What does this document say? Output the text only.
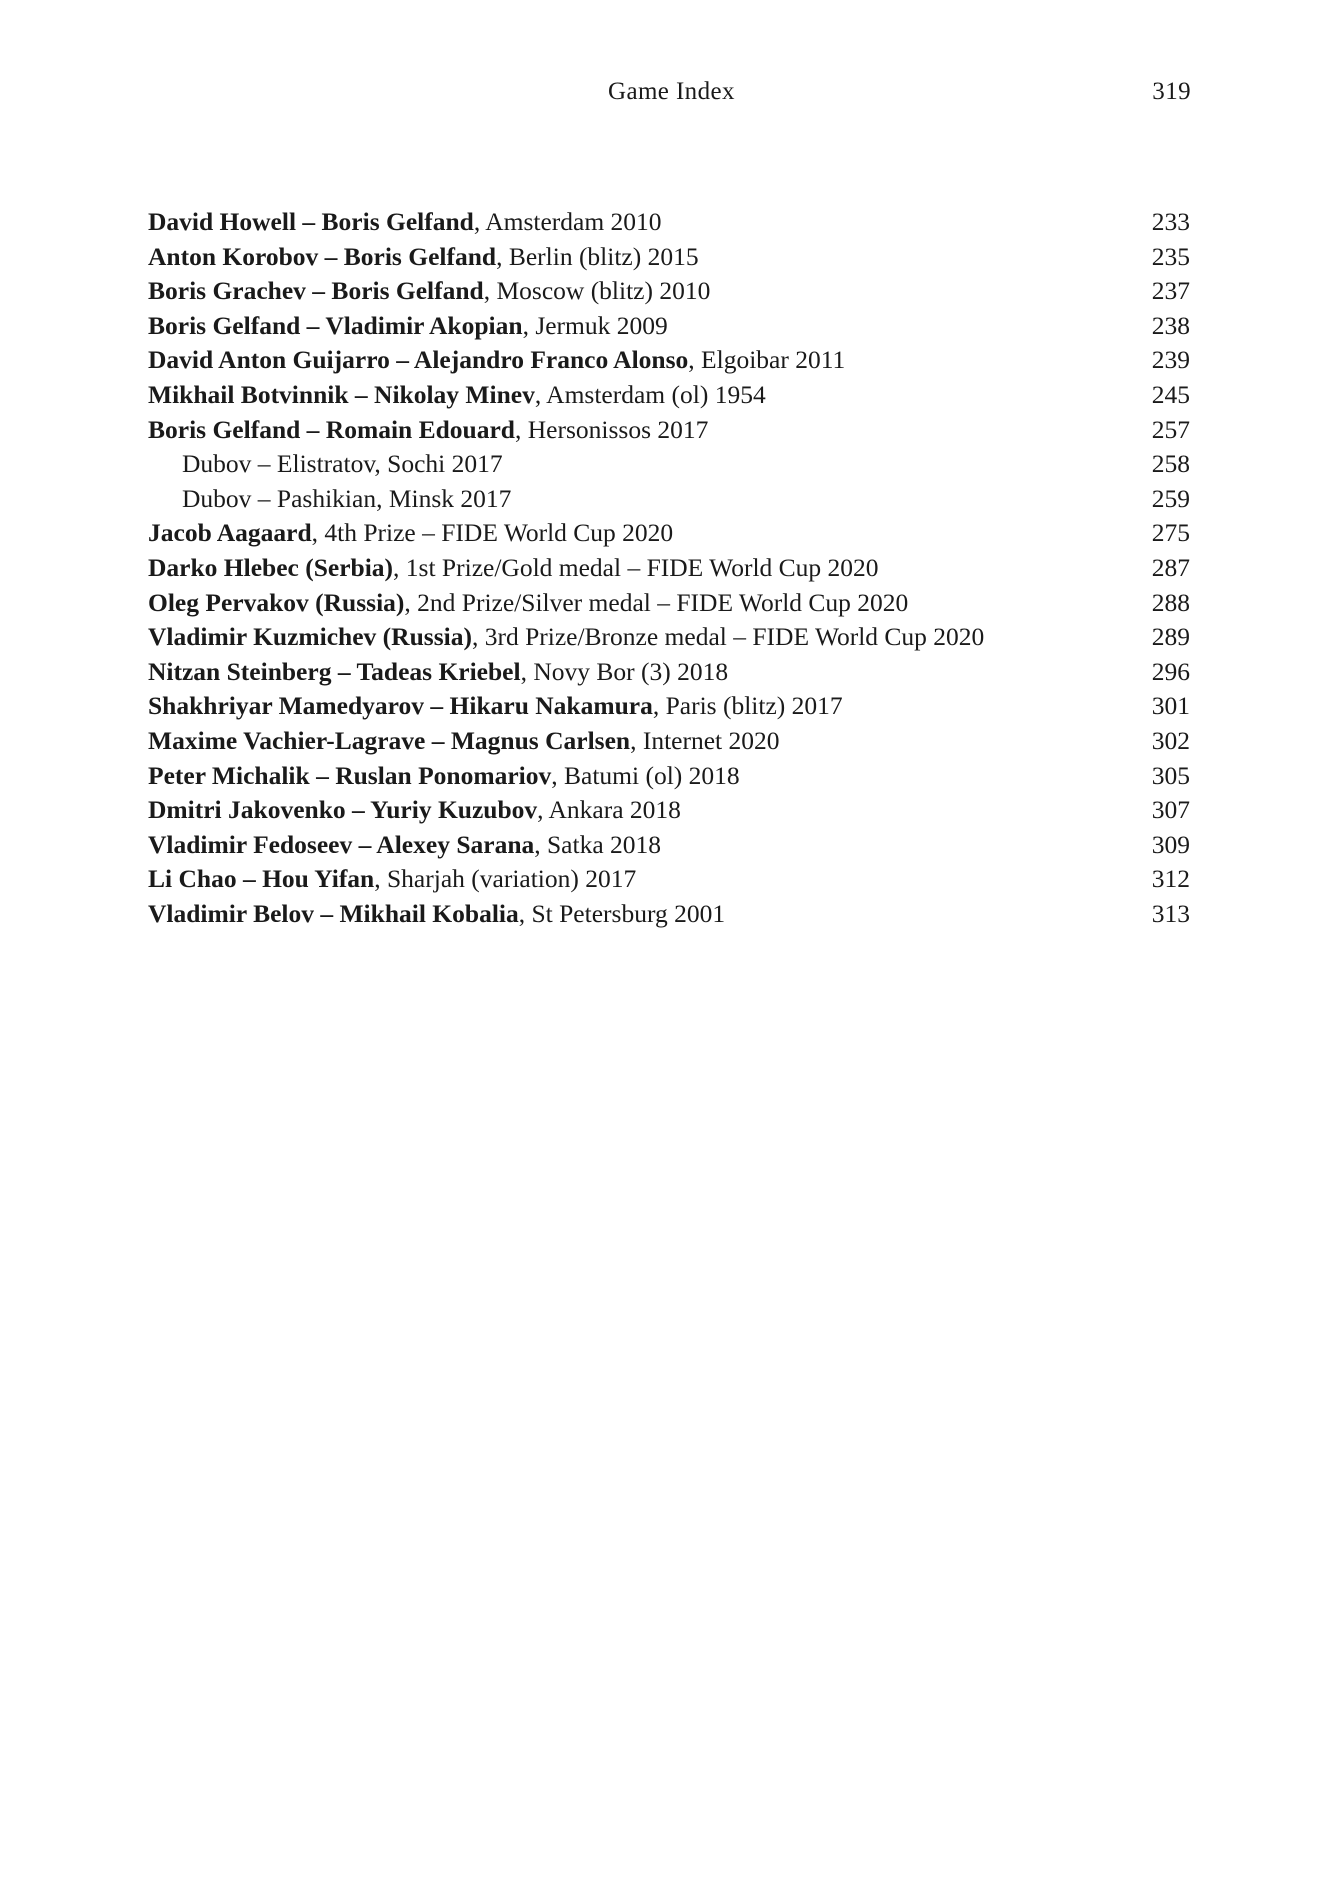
Game Index	319
David Howell – Boris Gelfand, Amsterdam 2010	233
Anton Korobov – Boris Gelfand, Berlin (blitz) 2015	235
Boris Grachev – Boris Gelfand, Moscow (blitz) 2010	237
Boris Gelfand – Vladimir Akopian, Jermuk 2009	238
David Anton Guijarro – Alejandro Franco Alonso, Elgoibar 2011	239
Mikhail Botvinnik – Nikolay Minev, Amsterdam (ol) 1954	245
Boris Gelfand – Romain Edouard, Hersonissos 2017	257
Dubov – Elistratov, Sochi 2017	258
Dubov – Pashikian, Minsk 2017	259
Jacob Aagaard, 4th Prize – FIDE World Cup 2020	275
Darko Hlebec (Serbia), 1st Prize/Gold medal – FIDE World Cup 2020	287
Oleg Pervakov (Russia), 2nd Prize/Silver medal – FIDE World Cup 2020	288
Vladimir Kuzmichev (Russia), 3rd Prize/Bronze medal – FIDE World Cup 2020	289
Nitzan Steinberg – Tadeas Kriebel, Novy Bor (3) 2018	296
Shakhriyar Mamedyarov – Hikaru Nakamura, Paris (blitz) 2017	301
Maxime Vachier-Lagrave – Magnus Carlsen, Internet 2020	302
Peter Michalik – Ruslan Ponomariov, Batumi (ol) 2018	305
Dmitri Jakovenko – Yuriy Kuzubov, Ankara 2018	307
Vladimir Fedoseev – Alexey Sarana, Satka 2018	309
Li Chao – Hou Yifan, Sharjah (variation) 2017	312
Vladimir Belov – Mikhail Kobalia, St Petersburg 2001	313
